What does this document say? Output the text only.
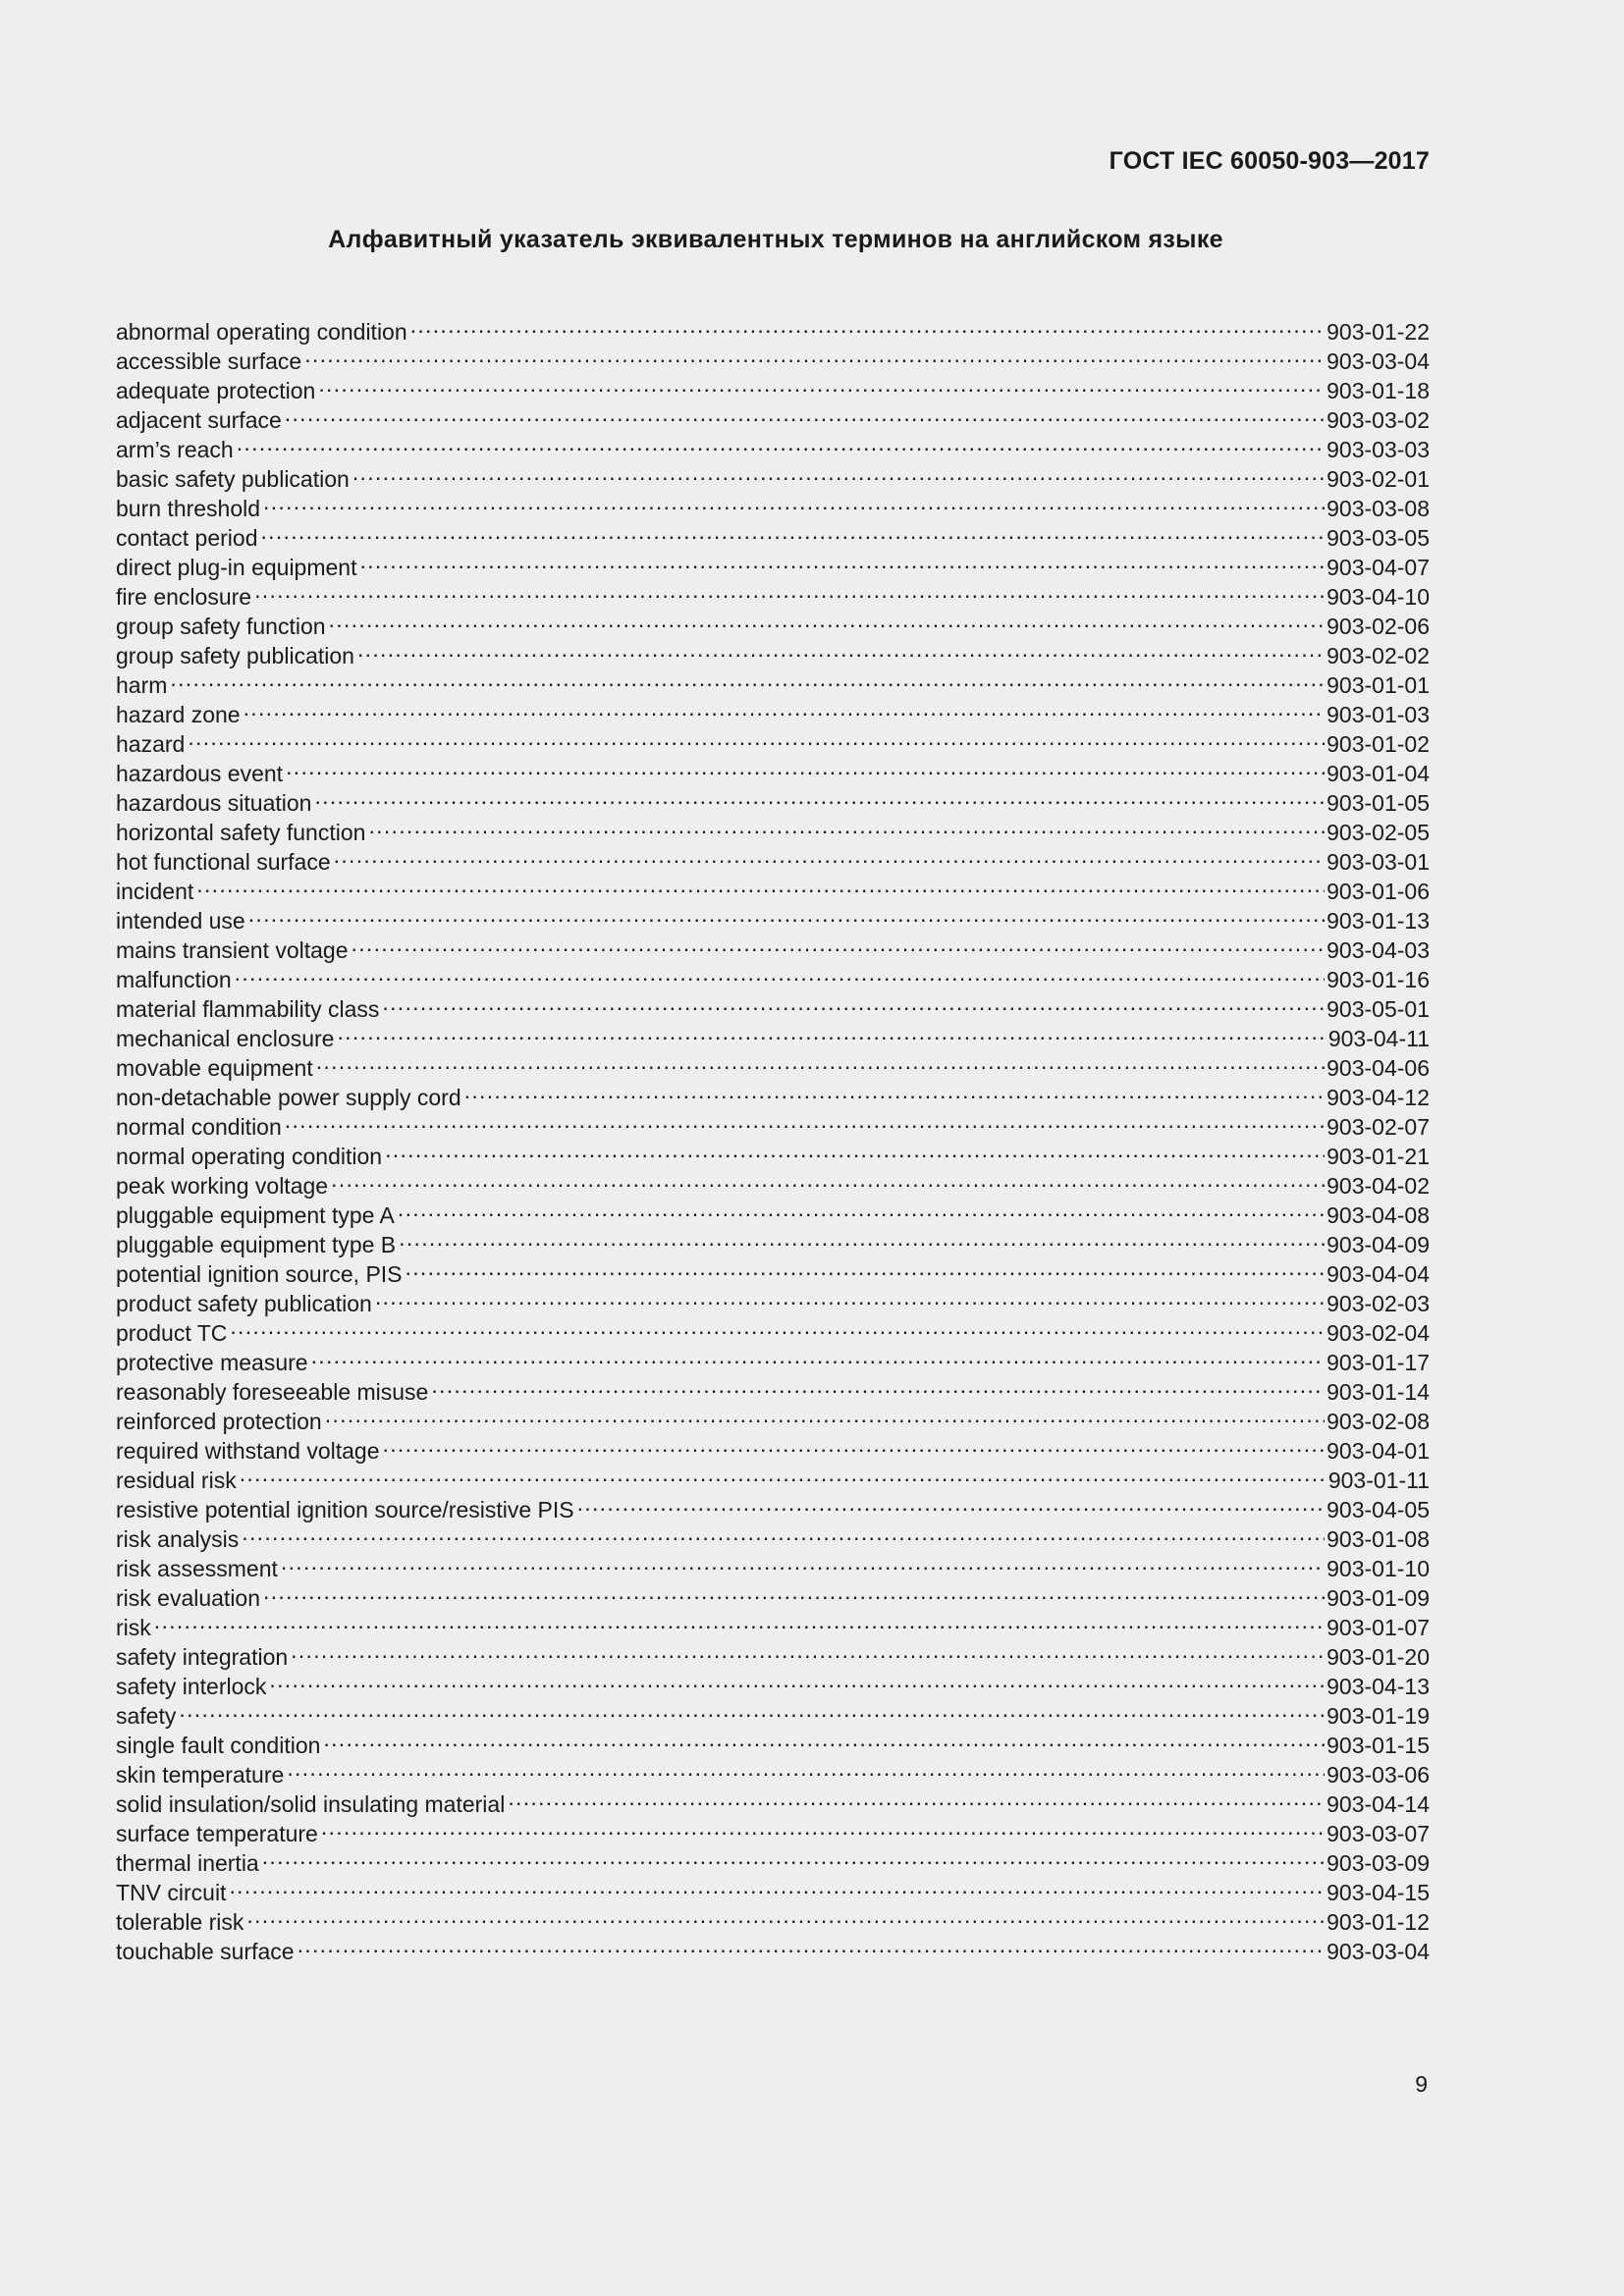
ГОСТ IEC 60050-903—2017
Алфавитный указатель эквивалентных терминов на английском языке
abnormal operating condition .....	903-01-22
accessible surface .....	903-03-04
adequate protection .....	903-01-18
adjacent surface .....	903-03-02
arm’s reach .....	903-03-03
basic safety publication .....	903-02-01
burn threshold .....	903-03-08
contact period .....	903-03-05
direct plug-in equipment .....	903-04-07
fire enclosure .....	903-04-10
group safety function .....	903-02-06
group safety publication .....	903-02-02
harm .....	903-01-01
hazard zone .....	903-01-03
hazard .....	903-01-02
hazardous event .....	903-01-04
hazardous situation .....	903-01-05
horizontal safety function .....	903-02-05
hot functional surface .....	903-03-01
incident .....	903-01-06
intended use .....	903-01-13
mains transient voltage .....	903-04-03
malfunction .....	903-01-16
material flammability class .....	903-05-01
mechanical enclosure .....	903-04-11
movable equipment .....	903-04-06
non-detachable power supply cord .....	903-04-12
normal condition .....	903-02-07
normal operating condition .....	903-01-21
peak working voltage .....	903-04-02
pluggable equipment type A .....	903-04-08
pluggable equipment type B .....	903-04-09
potential ignition source, PIS .....	903-04-04
product safety publication .....	903-02-03
product TC .....	903-02-04
protective measure .....	903-01-17
reasonably foreseeable misuse .....	903-01-14
reinforced protection .....	903-02-08
required withstand voltage .....	903-04-01
residual risk .....	903-01-11
resistive potential ignition source/resistive PIS .....	903-04-05
risk analysis .....	903-01-08
risk assessment .....	903-01-10
risk evaluation .....	903-01-09
risk .....	903-01-07
safety integration .....	903-01-20
safety interlock .....	903-04-13
safety .....	903-01-19
single fault condition .....	903-01-15
skin temperature .....	903-03-06
solid insulation/solid insulating material .....	903-04-14
surface temperature .....	903-03-07
thermal inertia .....	903-03-09
TNV circuit .....	903-04-15
tolerable risk .....	903-01-12
touchable surface .....	903-03-04
9
